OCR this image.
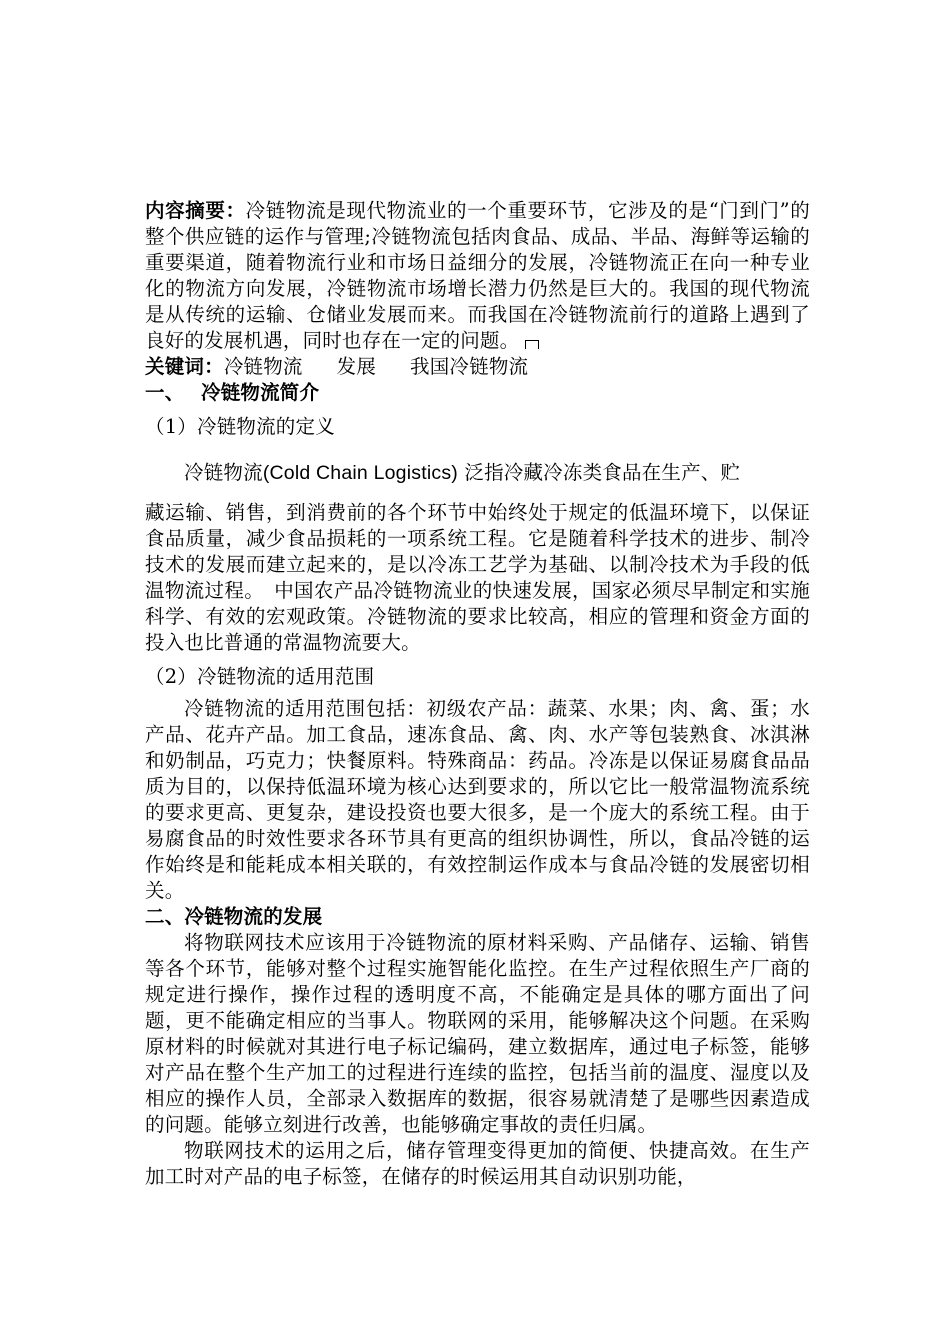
内容摘要：冷链物流是现代物流业的一个重要环节，它涉及的是“门到门”的整个供应链的运作与管理;冷链物流包括肉食品、成品、半品、海鲜等运输的重要渠道，随着物流行业和市场日益细分的发展，冷链物流正在向一种专业化的物流方向发展，冷链物流市场增长潜力仍然是巨大的。我国的现代物流是从传统的运输、仓储业发展而来。而我国在冷链物流前行的道路上遇到了良好的发展机遇，同时也存在一定的问题。

关键词：冷链物流 发展 我国冷链物流

一、 冷链物流简介

（1）冷链物流的定义

冷链物流(Cold Chain Logistics) 泛指冷藏冷冻类食品在生产、贮

藏运输、销售，到消费前的各个环节中始终处于规定的低温环境下，以保证食品质量，减少食品损耗的一项系统工程。它是随着科学技术的进步、制冷技术的发展而建立起来的，是以冷冻工艺学为基础、以制冷技术为手段的低温物流过程。　中国农产品冷链物流业的快速发展，国家必须尽早制定和实施科学、有效的宏观政策。冷链物流的要求比较高，相应的管理和资金方面的投入也比普通的常温物流要大。

（2）冷链物流的适用范围

冷链物流的适用范围包括：初级农产品：蔬菜、水果；肉、禽、蛋；水产品、花卉产品。加工食品，速冻食品、禽、肉、水产等包装熟食、冰淇淋和奶制品，巧克力；快餐原料。特殊商品：药品。冷冻是以保证易腐食品品质为目的，以保持低温环境为核心达到要求的，所以它比一般常温物流系统的要求更高、更复杂，建设投资也要大很多，是一个庞大的系统工程。由于易腐食品的时效性要求各环节具有更高的组织协调性，所以，食品冷链的运作始终是和能耗成本相关联的，有效控制运作成本与食品冷链的发展密切相关。

二、冷链物流的发展

将物联网技术应该用于冷链物流的原材料采购、产品储存、运输、销售等各个环节，能够对整个过程实施智能化监控。在生产过程依照生产厂商的规定进行操作，操作过程的透明度不高，不能确定是具体的哪方面出了问题，更不能确定相应的当事人。物联网的采用，能够解决这个问题。在采购原材料的时候就对其进行电子标记编码，建立数据库，通过电子标签，能够对产品在整个生产加工的过程进行连续的监控，包括当前的温度、湿度以及相应的操作人员，全部录入数据库的数据，很容易就清楚了是哪些因素造成的问题。能够立刻进行改善，也能够确定事故的责任归属。

物联网技术的运用之后，储存管理变得更加的简便、快捷高效。在生产加工时对产品的电子标签，在储存的时候运用其自动识别功能，
